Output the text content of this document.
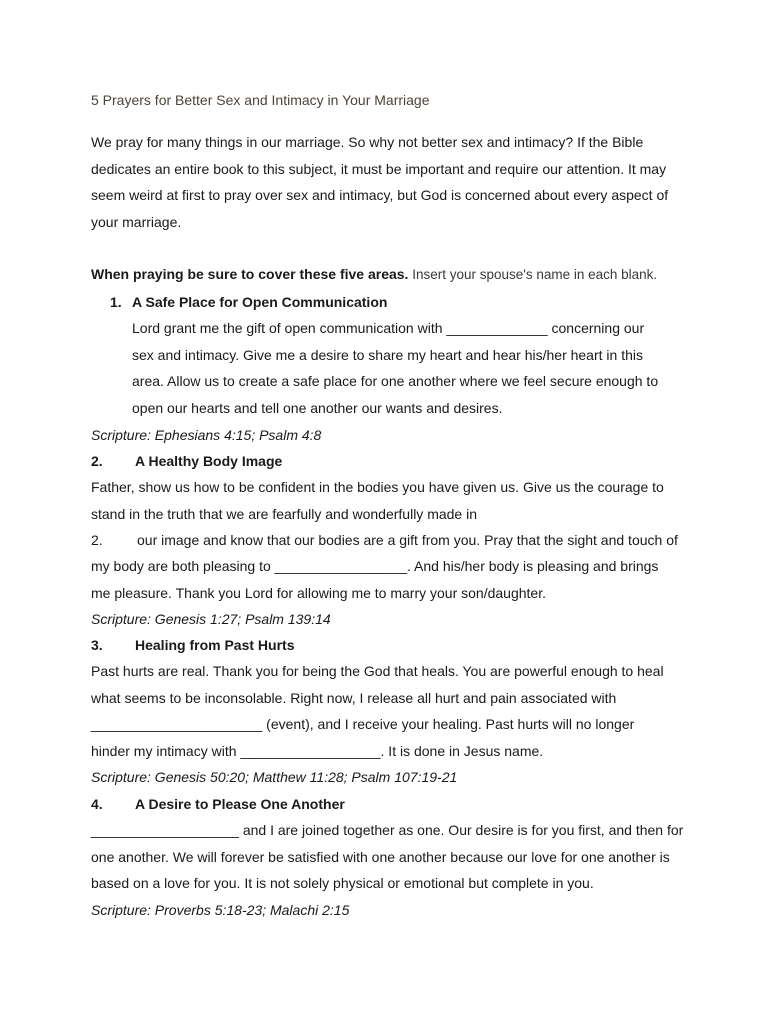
5 Prayers for Better Sex and Intimacy in Your Marriage

We pray for many things in our marriage. So why not better sex and intimacy? If the Bible dedicates an entire book to this subject, it must be important and require our attention. It may seem weird at first to pray over sex and intimacy, but God is concerned about every aspect of your marriage.

When praying be sure to cover these five areas. Insert your spouse's name in each blank.
1. A Safe Place for Open Communication

Lord grant me the gift of open communication with _____________ concerning our sex and intimacy. Give me a desire to share my heart and hear his/her heart in this area. Allow us to create a safe place for one another where we feel secure enough to open our hearts and tell one another our wants and desires.

Scripture: Ephesians 4:15; Psalm 4:8
2. A Healthy Body Image

Father, show us how to be confident in the bodies you have given us. Give us the courage to stand in the truth that we are fearfully and wonderfully made in

2. our image and know that our bodies are a gift from you. Pray that the sight and touch of

my body are both pleasing to _________________. And his/her body is pleasing and brings me pleasure. Thank you Lord for allowing me to marry your son/daughter.

Scripture: Genesis 1:27; Psalm 139:14
3. Healing from Past Hurts

Past hurts are real. Thank you for being the God that heals. You are powerful enough to heal what seems to be inconsolable. Right now, I release all hurt and pain associated with ______________________ (event), and I receive your healing. Past hurts will no longer hinder my intimacy with __________________. It is done in Jesus name.

Scripture: Genesis 50:20; Matthew 11:28; Psalm 107:19-21
4. A Desire to Please One Another

___________________ and I are joined together as one. Our desire is for you first, and then for one another. We will forever be satisfied with one another because our love for one another is based on a love for you. It is not solely physical or emotional but complete in you.

Scripture: Proverbs 5:18-23; Malachi 2:15
